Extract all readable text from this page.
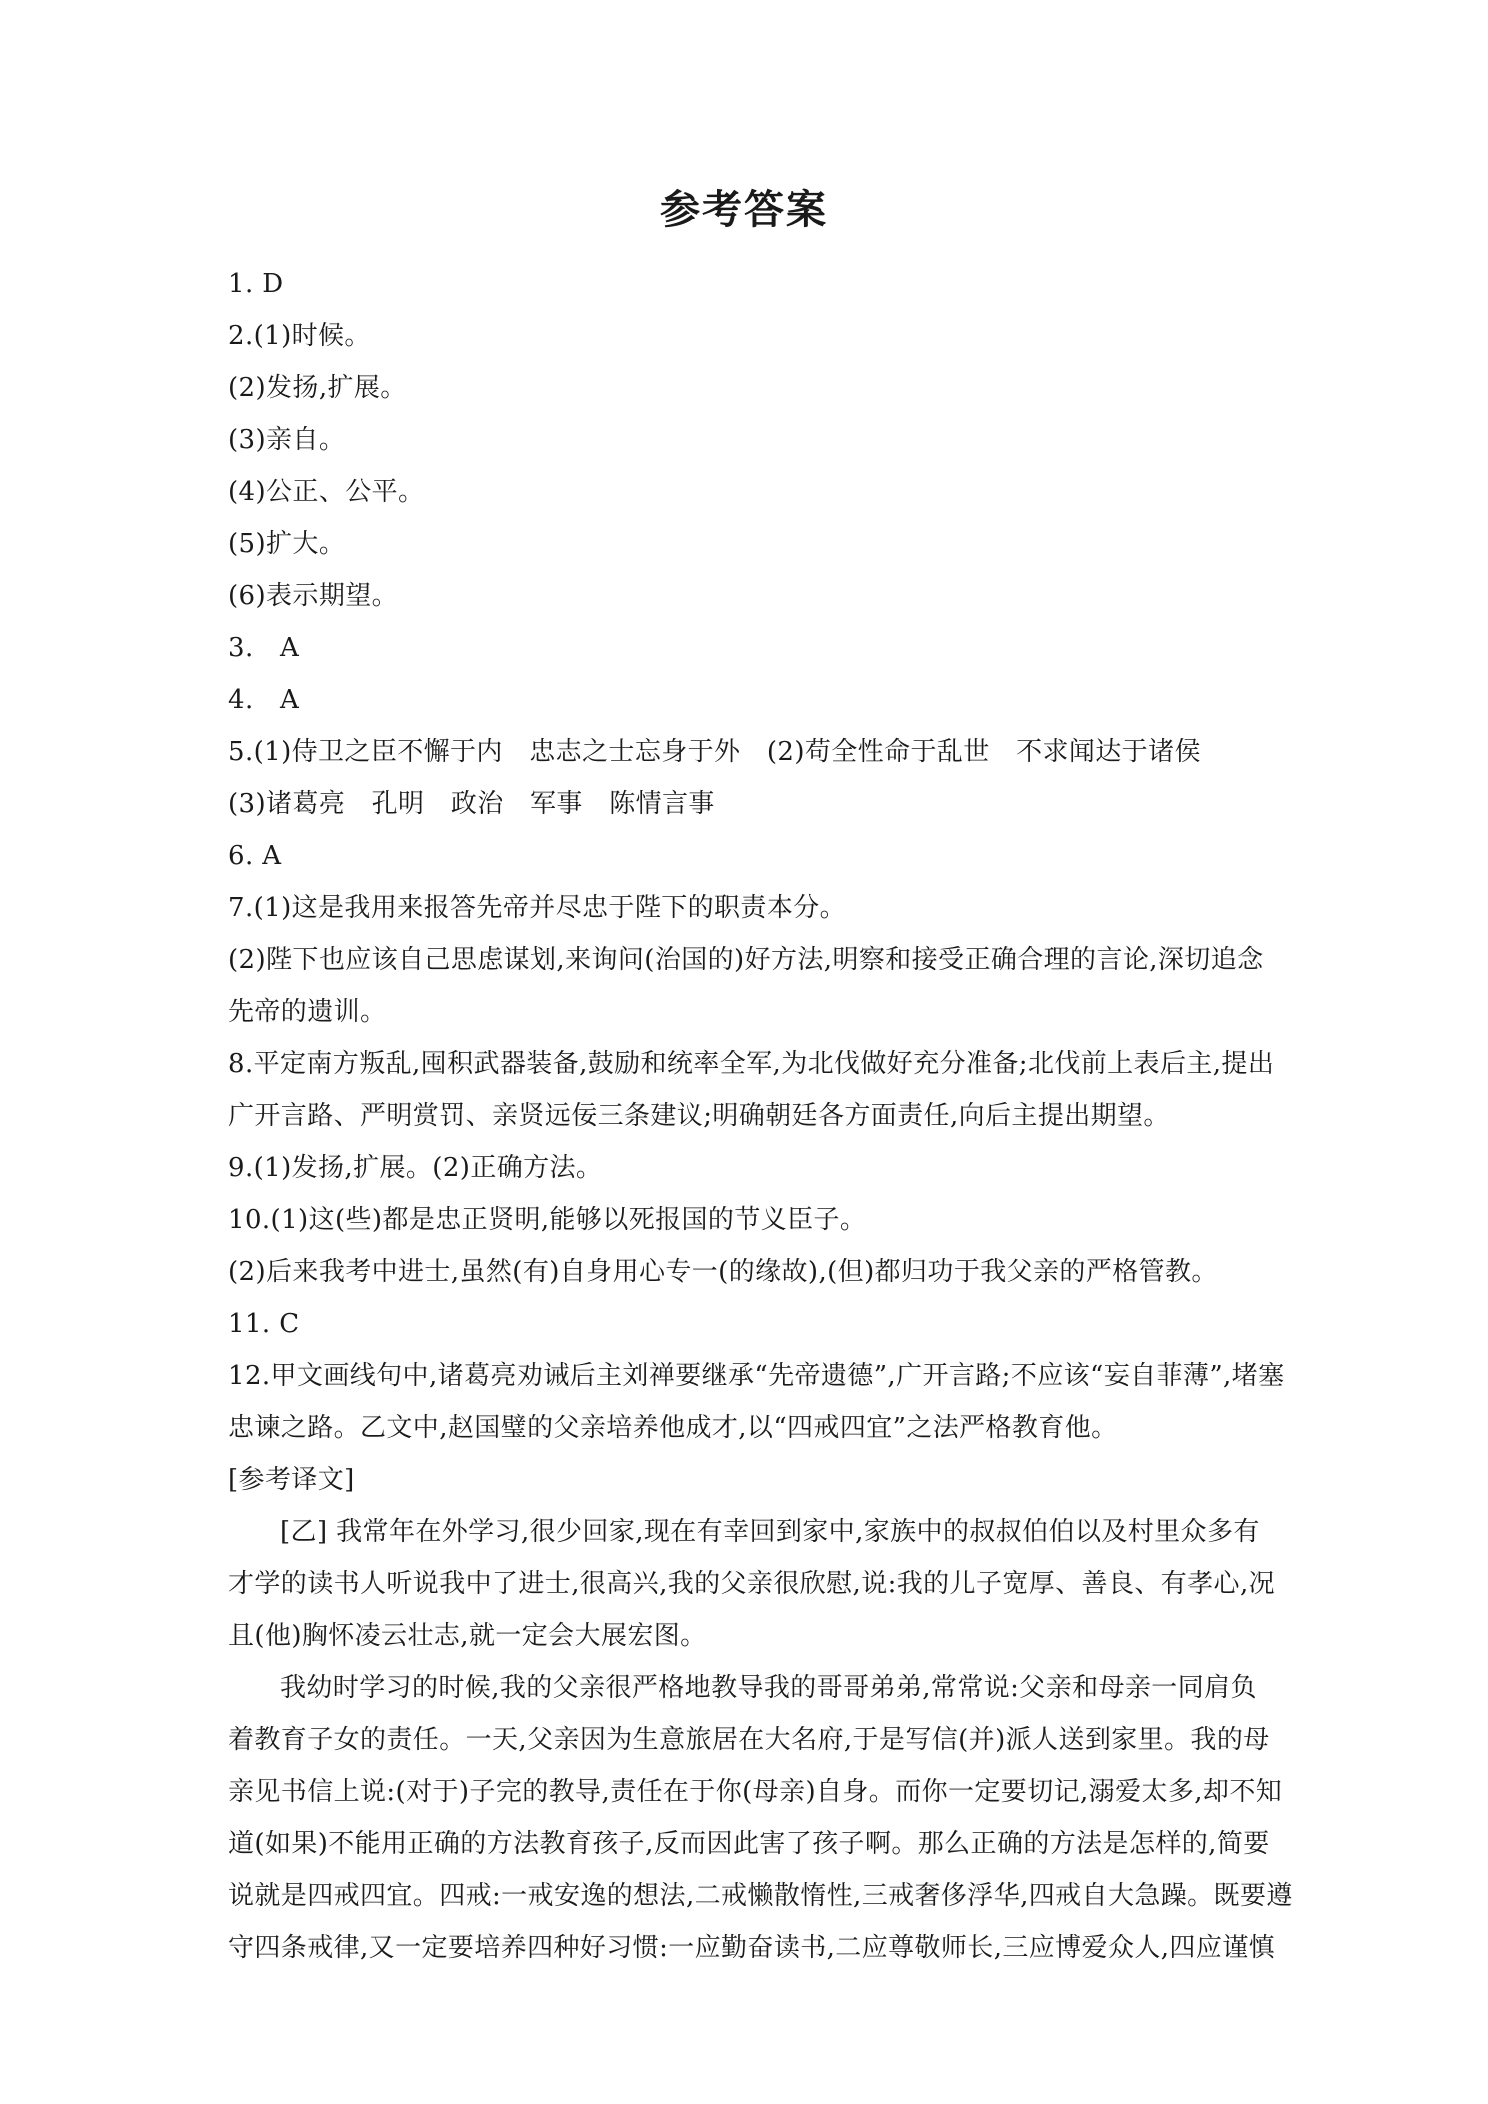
参考答案
1. D
2.(1)时候。
(2)发扬,扩展。
(3)亲自。
(4)公正、公平。
(5)扩大。
(6)表示期望。
3.　A
4.　A
5.(1)侍卫之臣不懈于内　忠志之士忘身于外　(2)苟全性命于乱世　不求闻达于诸侯
(3)诸葛亮　孔明　政治　军事　陈情言事
6. A
7.(1)这是我用来报答先帝并尽忠于陛下的职责本分。
(2)陛下也应该自己思虑谋划,来询问(治国的)好方法,明察和接受正确合理的言论,深切追念
先帝的遗训。
8.平定南方叛乱,囤积武器装备,鼓励和统率全军,为北伐做好充分准备;北伐前上表后主,提出
广开言路、严明赏罚、亲贤远佞三条建议;明确朝廷各方面责任,向后主提出期望。
9.(1)发扬,扩展。(2)正确方法。
10.(1)这(些)都是忠正贤明,能够以死报国的节义臣子。
(2)后来我考中进士,虽然(有)自身用心专一(的缘故),(但)都归功于我父亲的严格管教。
11. C
12.甲文画线句中,诸葛亮劝诫后主刘禅要继承“先帝遗德”,广开言路;不应该“妄自菲薄”,堵塞
忠谏之路。乙文中,赵国璧的父亲培养他成才,以“四戒四宜”之法严格教育他。
[参考译文]
[乙] 我常年在外学习,很少回家,现在有幸回到家中,家族中的叔叔伯伯以及村里众多有
才学的读书人听说我中了进士,很高兴,我的父亲很欣慰,说:我的儿子宽厚、善良、有孝心,况
且(他)胸怀凌云壮志,就一定会大展宏图。
我幼时学习的时候,我的父亲很严格地教导我的哥哥弟弟,常常说:父亲和母亲一同肩负
着教育子女的责任。一天,父亲因为生意旅居在大名府,于是写信(并)派人送到家里。我的母
亲见书信上说:(对于)子完的教导,责任在于你(母亲)自身。而你一定要切记,溺爱太多,却不知
道(如果)不能用正确的方法教育孩子,反而因此害了孩子啊。那么正确的方法是怎样的,简要
说就是四戒四宜。四戒:一戒安逸的想法,二戒懒散惰性,三戒奢侈浮华,四戒自大急躁。既要遵
守四条戒律,又一定要培养四种好习惯:一应勤奋读书,二应尊敬师长,三应博爱众人,四应谨慎
